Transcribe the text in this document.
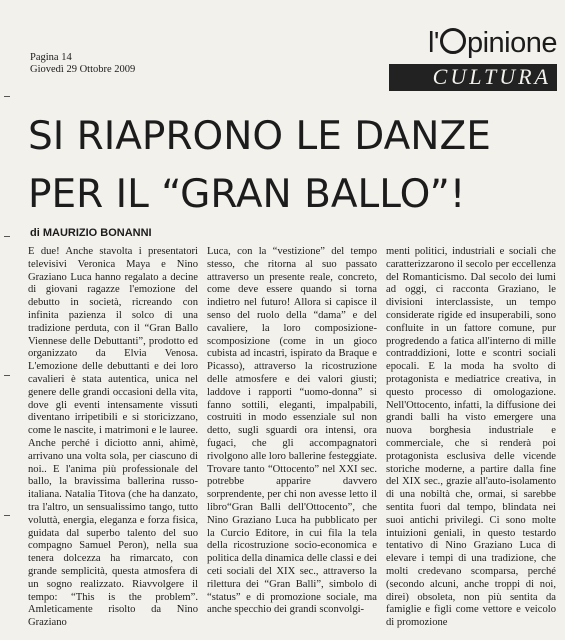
Pagina 14
Giovedì 29 Ottobre 2009
l' pinione
CULTURA
SI RIAPRONO LE DANZE
PER IL “GRAN BALLO”!
di MAURIZIO BONANNI

E due! Anche stavolta i presentatori televisivi Veronica Maya e Nino Graziano Luca hanno regalato a decine di giovani ragazze l'emozione del debutto in società, ricreando con infinita pazienza il solco di una tradizione perduta, con il “Gran Ballo Viennese delle Debuttanti”, prodotto ed organizzato da Elvia Venosa. L'emozione delle debuttanti e dei loro cavalieri è stata autentica, unica nel genere delle grandi occasioni della vita, dove gli eventi intensamente vissuti diventano irripetibili e si storicizzano, come le nascite, i matrimoni e le lauree. Anche perché i diciotto anni, ahimè, arrivano una volta sola, per ciascuno di noi.. E l'anima più professionale del ballo, la bravissima ballerina russo-italiana. Natalia Titova (che ha danzato, tra l'altro, un sensualissimo tango, tutto voluttà, energia, eleganza e forza fisica, guidata dal superbo talento del suo compagno Samuel Peron), nella sua tenera dolcezza ha rimarcato, con grande semplicità, questa atmosfera di un sogno realizzato. Riavvolgere il tempo: “This is the problem”. Amleticamente risolto da Nino Graziano

Luca, con la “vestizione” del tempo stesso, che ritorna al suo passato attraverso un presente reale, concreto, come deve essere quando si torna indietro nel futuro! Allora si capisce il senso del ruolo della “dama” e del cavaliere, la loro composizione-scomposizione (come in un gioco cubista ad incastri, ispirato da Braque e Picasso), attraverso la ricostruzione delle atmosfere e dei valori giusti; laddove i rapporti “uomo-donna” si fanno sottili, eleganti, impalpabili, costruiti in modo essenziale sul non detto, sugli sguardi ora intensi, ora fugaci, che gli accompagnatori rivolgono alle loro ballerine festeggiate. Trovare tanto “Ottocento” nel XXI sec. potrebbe apparire davvero sorprendente, per chi non avesse letto il libro“Gran Balli dell'Ottocento”, che Nino Graziano Luca ha pubblicato per la Curcio Editore, in cui fila la tela della ricostruzione socio-economica e politica della dinamica delle classi e dei ceti sociali del XIX sec., attraverso la rilettura dei “Gran Balli”, simbolo di “status” e di promozione sociale, ma anche specchio dei grandi sconvolgi-

menti politici, industriali e sociali che caratterizzarono il secolo per eccellenza del Romanticismo. Dal secolo dei lumi ad oggi, ci racconta Graziano, le divisioni interclassiste, un tempo considerate rigide ed insuperabili, sono confluite in un fattore comune, pur progredendo a fatica all'interno di mille contraddizioni, lotte e scontri sociali epocali. E la moda ha svolto di protagonista e mediatrice creativa, in questo processo di omologazione. Nell'Ottocento, infatti, la diffusione dei grandi balli ha visto emergere una nuova borghesia industriale e commerciale, che si renderà poi protagonista esclusiva delle vicende storiche moderne, a partire dalla fine del XIX sec., grazie all'auto-isolamento di una nobiltà che, ormai, si sarebbe sentita fuori dal tempo, blindata nei suoi antichi privilegi. Ci sono molte intuizioni geniali, in questo testardo tentativo di Nino Graziano Luca di elevare i tempi di una tradizione, che molti credevano scomparsa, perché (secondo alcuni, anche troppi di noi, direi) obsoleta, non più sentita da famiglie e figli come vettore e veicolo di promozione
